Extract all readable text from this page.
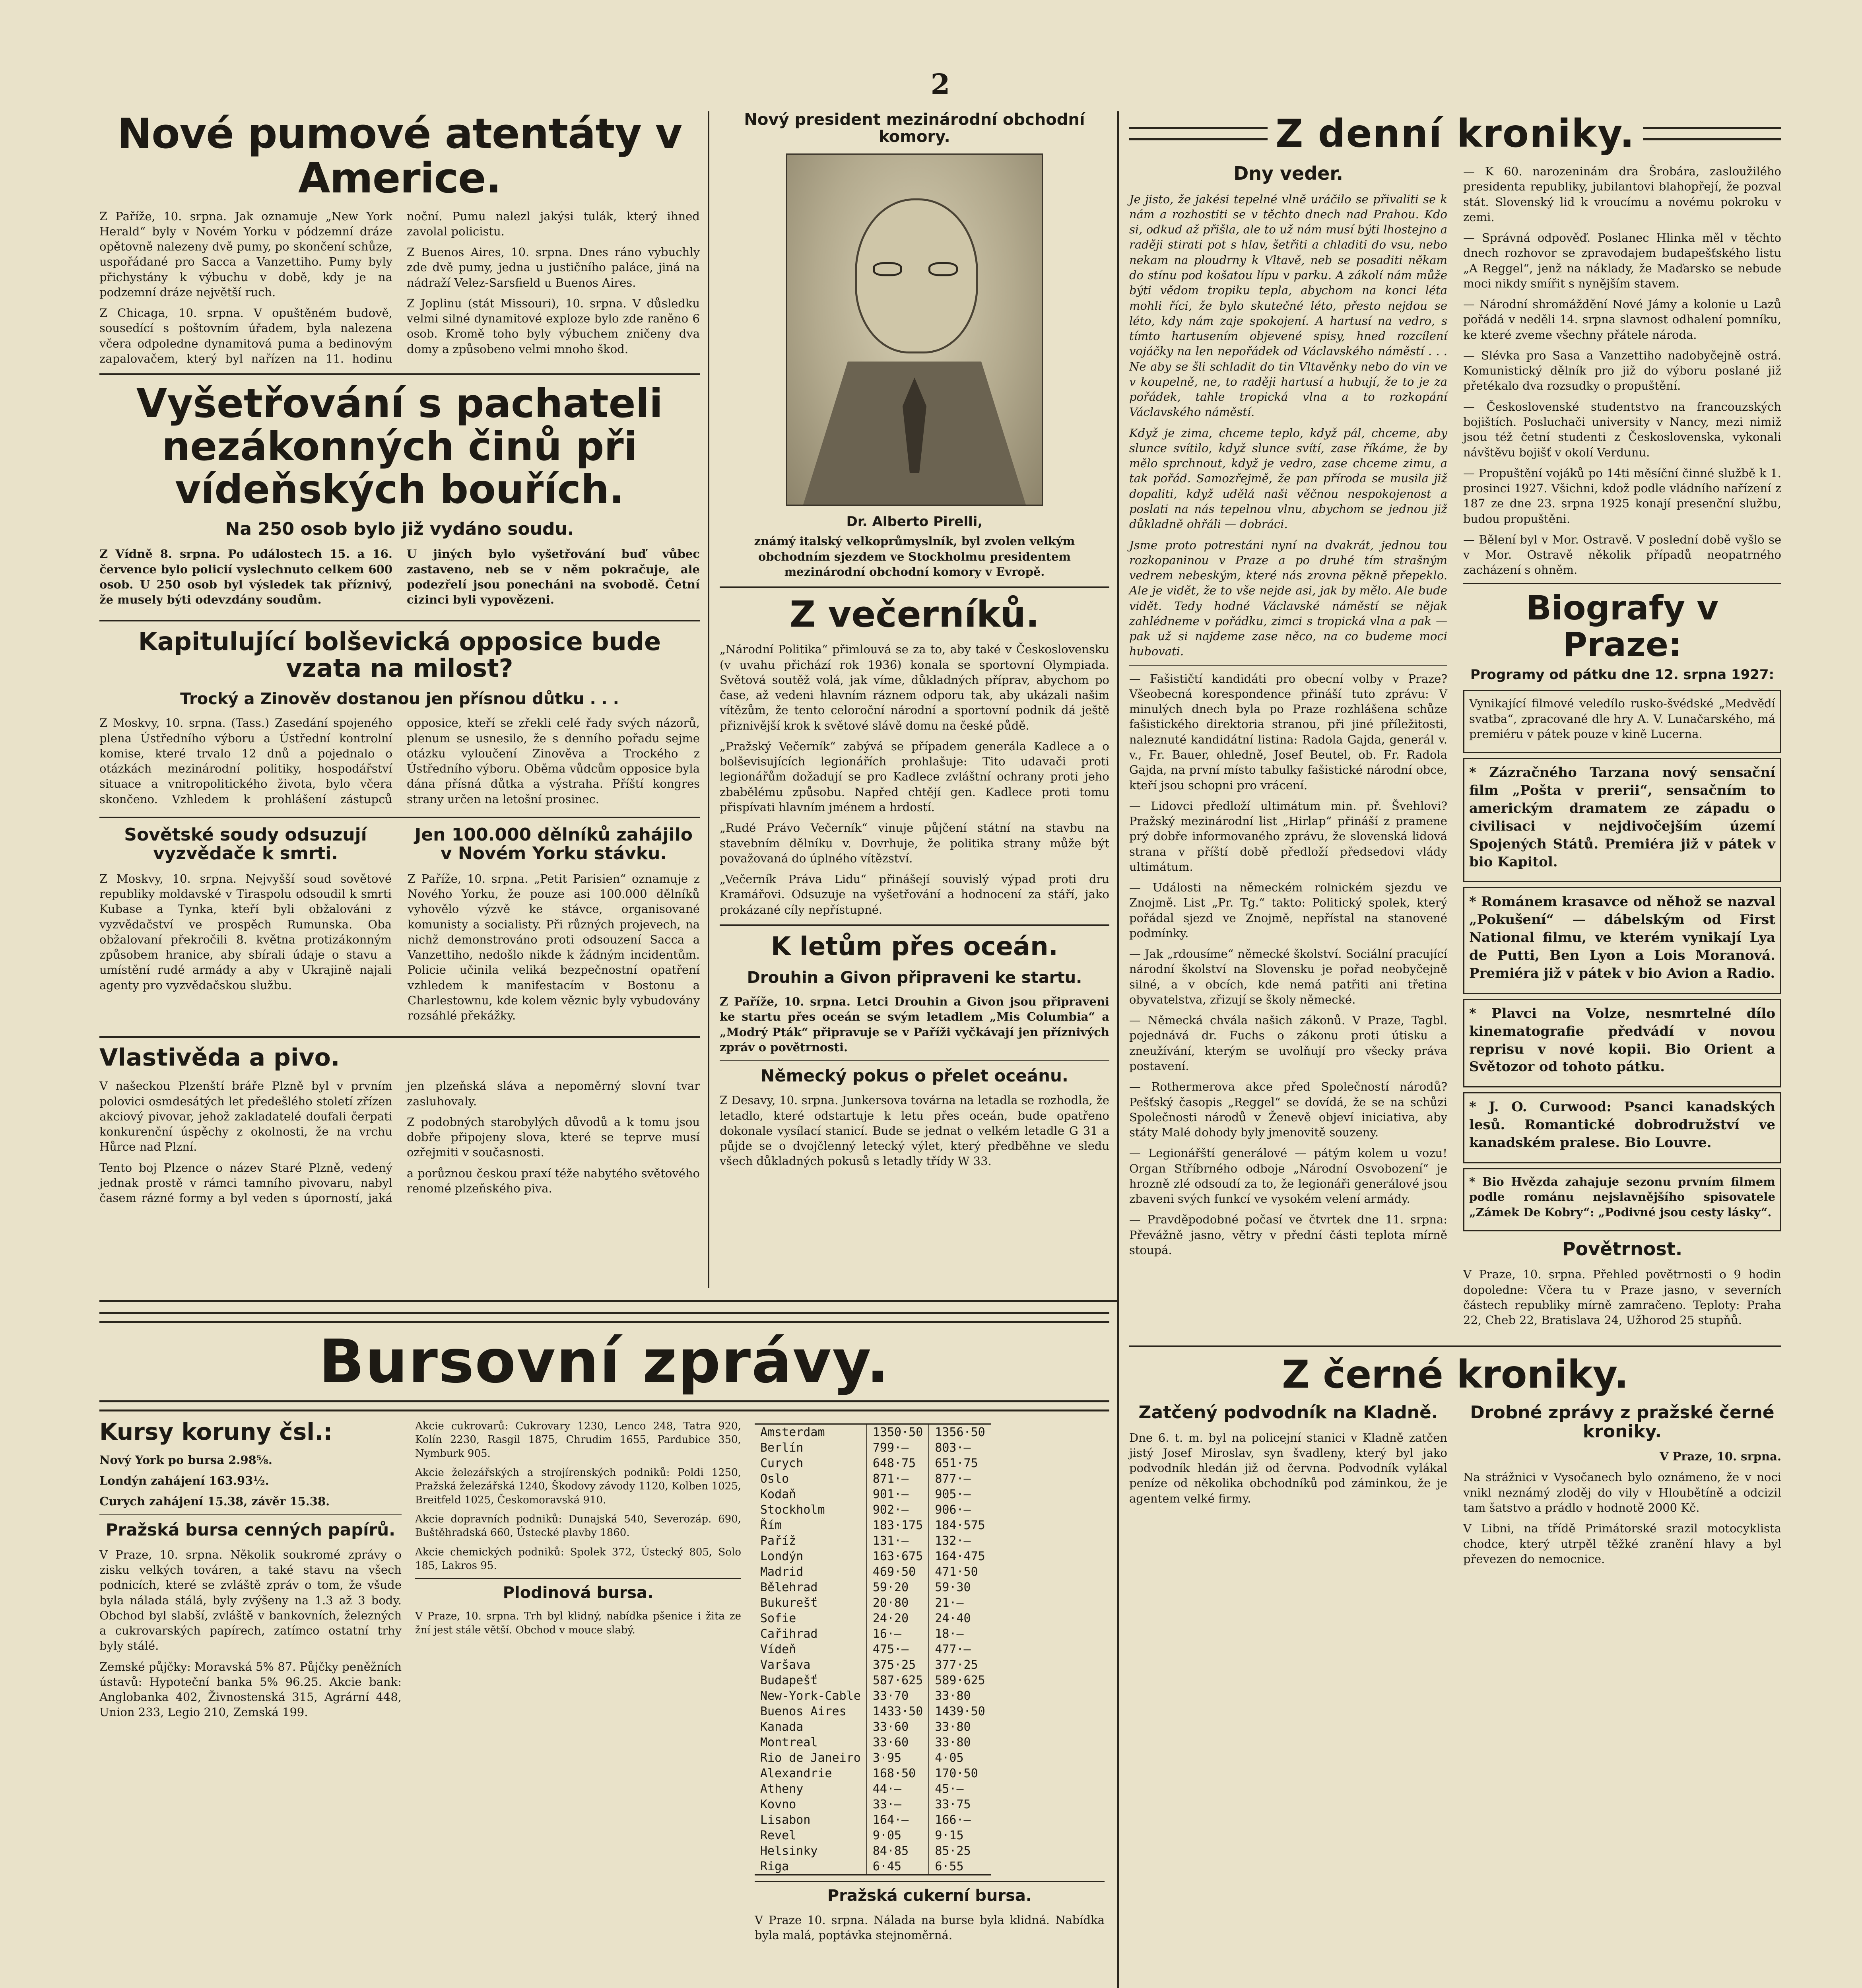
2
Nové pumové atentáty v Americe.

Z Paříže, 10. srpna. Jak oznamuje „New York Herald“ byly v Novém Yorku v pódzemní dráze opětovně nalezeny dvě pumy, po skončení schůze, uspořádané pro Sacca a Vanzettiho. Pumy byly přichystány k výbuchu v době, kdy je na podzemní dráze největší ruch.

Z Chicaga, 10. srpna. V opuštěném budově, sousedící s poštovním úřadem, byla nalezena včera odpoledne dynamitová puma a bedinovým zapalovačem, který byl nařízen na 11. hodinu noční. Pumu nalezl jakýsi tulák, který ihned zavolal policistu.

Z Buenos Aires, 10. srpna. Dnes ráno vybuchly zde dvě pumy, jedna u justičního paláce, jiná na nádraží Velez-Sarsfield u Buenos Aires.

Z Joplinu (stát Missouri), 10. srpna. V důsledku velmi silné dynamitové exploze bylo zde raněno 6 osob. Kromě toho byly výbuchem zničeny dva domy a způsobeno velmi mnoho škod.

Vyšetřování s pachateli nezákonných činů při vídeňských bouřích.
Na 250 osob bylo již vydáno soudu.

Z Vídně 8. srpna. Po událostech 15. a 16. července bylo policií vyslechnuto celkem 600 osob. U 250 osob byl výsledek tak příznivý, že musely býti odevzdány soudům.

U jiných bylo vyšetřování buď vůbec zastaveno, neb se v něm pokračuje, ale podezřelí jsou ponecháni na svobodě. Četní cizinci byli vypovězeni.

Kapitulující bolševická opposice bude vzata na milost?
Trocký a Zinověv dostanou jen přísnou důtku . . .

Z Moskvy, 10. srpna. (Tass.) Zasedání spojeného plena Ústředního výboru a Ústřední kontrolní komise, které trvalo 12 dnů a pojednalo o otázkách mezinárodní politiky, hospodářství situace a vnitropolitického života, bylo včera skončeno. Vzhledem k prohlášení zástupců opposice, kteří se zřekli celé řady svých názorů, plenum se usnesilo, že s denního pořadu sejme otázku vyloučení Zinověva a Trockého z Ústředního výboru. Oběma vůdcům opposice byla dána přísná důtka a výstraha. Příští kongres strany určen na letošní prosinec.

Sovětské soudy odsuzují vyzvědače k smrti.

Z Moskvy, 10. srpna. Nejvyšší soud sovětové republiky moldavské v Tiraspolu odsoudil k smrti Kubase a Tynka, kteří byli obžalováni z vyzvědačství ve prospěch Rumunska. Oba obžalovaní překročili 8. května protizákonným způsobem hranice, aby sbírali údaje o stavu a umístění rudé armády a aby v Ukrajině najali agenty pro vyzvědačskou službu.

Jen 100.000 dělníků zahájilo v Novém Yorku stávku.

Z Paříže, 10. srpna. „Petit Parisien“ oznamuje z Nového Yorku, že pouze asi 100.000 dělníků vyhovělo výzvě ke stávce, organisované komunisty a socialisty. Při různých projevech, na nichž demonstrováno proti odsouzení Sacca a Vanzettiho, nedošlo nikde k žádným incidentům. Policie učinila veliká bezpečnostní opatření vzhledem k manifestacím v Bostonu a Charlestownu, kde kolem věznic byly vybudovány rozsáhlé překážky.

Vlastivěda a pivo.

V našeckou Plzenští bráře Plzně byl v prvním polovici osmdesátých let předešlého století zřízen akciový pivovar, jehož zakladatelé doufali čerpati konkurenční úspěchy z okolnosti, že na vrchu Hůrce nad Plzní.

Tento boj Plzence o název Staré Plzně, vedený jednak prostě v rámci tamního pivovaru, nabyl časem rázné formy a byl veden s úporností, jaká jen plzeňská sláva a nepoměrný slovní tvar zasluhovaly.

Z podobných starobylých důvodů a k tomu jsou dobře připojeny slova, které se teprve musí ozřejmiti v současnosti.

a porůznou českou praxí téže nabytého světového renomé plzeňského piva.

Nový president mezinárodní obchodní komory.
Dr. Alberto Pirelli,

známý italský velkoprůmyslník, byl zvolen velkým obchodním sjezdem ve Stockholmu presidentem mezinárodní obchodní komory v Evropě.

Z večerníků.

„Národní Politika“ přimlouvá se za to, aby také v Československu (v uvahu přichází rok 1936) konala se sportovní Olympiada. Světová soutěž volá, jak víme, důkladných příprav, abychom po čase, až vedeni hlavním ráznem odporu tak, aby ukázali našim vítězům, že tento celoroční národní a sportovní podnik dá ještě přiznivější krok k světové slávě domu na české půdě.

„Pražský Večerník“ zabývá se případem generála Kadlece a o bolševisujících legionářích prohlašuje: Tito udavači proti legionářům dožadují se pro Kadlece zvláštní ochrany proti jeho zbabělému způsobu. Napřed chtějí gen. Kadlece proti tomu přispívati hlavním jménem a hrdostí.

„Rudé Právo Večerník“ vinuje půjčení státní na stavbu na stavebním dělníku v. Dovrhuje, že politika strany může být považovaná do úplného vítězství.

„Večerník Práva Lidu“ přinášejí souvislý výpad proti dru Kramářovi. Odsuzuje na vyšetřování a hodnocení za stáří, jako prokázané cíly nepřístupné.

K letům přes oceán.
Drouhin a Givon připraveni ke startu.

Z Paříže, 10. srpna. Letci Drouhin a Givon jsou připraveni ke startu přes oceán se svým letadlem „Mis Columbia“ a „Modrý Pták“ připravuje se v Paříži vyčkávají jen příznivých zpráv o povětrnosti.

Německý pokus o přelet oceánu.

Z Desavy, 10. srpna. Junkersova továrna na letadla se rozhodla, že letadlo, které odstartuje k letu přes oceán, bude opatřeno dokonale vysílací stanicí. Bude se jednat o velkém letadle G 31 a půjde se o dvojčlenný letecký výlet, který předběhne ve sledu všech důkladných pokusů s letadly třídy W 33.

Bursovní zprávy.
Kursy koruny čsl.:

Nový York po bursa 2.98⅝.

Londýn zahájení 163.93½.

Curych zahájení 15.38, závěr 15.38.

Pražská bursa cenných papírů.

V Praze, 10. srpna. Několik soukromé zprávy o zisku velkých továren, a také stavu na všech podnicích, které se zvláště zpráv o tom, že všude byla nálada stálá, byly zvýšeny na 1.3 až 3 body. Obchod byl slabší, zvláště v bankovních, železných a cukrovarských papírech, zatímco ostatní trhy byly stálé.

Zemské půjčky: Moravská 5% 87. Půjčky peněžních ústavů: Hypoteční banka 5% 96.25. Akcie bank: Anglobanka 402, Živnostenská 315, Agrární 448, Union 233, Legio 210, Zemská 199.

Akcie cukrovarů: Cukrovary 1230, Lenco 248, Tatra 920, Kolín 2230, Rasgil 1875, Chrudim 1655, Pardubice 350, Nymburk 905.

Akcie železářských a strojírenských podniků: Poldi 1250, Pražská železářská 1240, Škodovy závody 1120, Kolben 1025, Breitfeld 1025, Českomoravská 910.

Akcie dopravních podniků: Dunajská 540, Severozáp. 690, Buštěhradská 660, Ústecké plavby 1860.

Akcie chemických podniků: Spolek 372, Ústecký 805, Solo 185, Lakros 95.

Plodinová bursa.

V Praze, 10. srpna. Trh byl klidný, nabídka pšenice i žita ze žní jest stále větší. Obchod v mouce slabý.

Amsterdam	1350·50	1356·50
Berlín	799·—	803·—
Curych	648·75	651·75
Oslo	871·—	877·—
Kodaň	901·—	905·—
Stockholm	902·—	906·—
Řím	183·175	184·575
Paříž	131·—	132·—
Londýn	163·675	164·475
Madrid	469·50	471·50
Bělehrad	59·20	59·30
Bukurešť	20·80	21·—
Sofie	24·20	24·40
Cařihrad	16·—	18·—
Vídeň	475·—	477·—
Varšava	375·25	377·25
Budapešť	587·625	589·625
New-York-Cable	33·70	33·80
Buenos Aires	1433·50	1439·50
Kanada	33·60	33·80
Montreal	33·60	33·80
Rio de Janeiro	3·95	4·05
Alexandrie	168·50	170·50
Atheny	44·—	45·—
Kovno	33·—	33·75
Lisabon	164·—	166·—
Revel	9·05	9·15
Helsinky	84·85	85·25
Riga	6·45	6·55
Pražská cukerní bursa.

V Praze 10. srpna. Nálada na burse byla klidná. Nabídka byla malá, poptávka stejnoměrná.

Z denní kroniky.
Dny veder.

Je jisto, že jakési tepelné vlně uráčilo se přivaliti se k nám a rozhostiti se v těchto dnech nad Prahou. Kdo si, odkud až přišla, ale to už nám musí býti lhostejno a raději stirati pot s hlav, šetřiti a chladiti do vsu, nebo nekam na ploudrny k Vltavě, neb se posaditi někam do stínu pod košatou lípu v parku. A zákolí nám může býti vědom tropiku tepla, abychom na konci léta mohli říci, že bylo skutečné léto, přesto nejdou se léto, kdy nám zaje spokojení. A hartusí na vedro, s tímto hartusením objevené spisy, hned rozcílení vojáčky na len nepořádek od Václavského náměstí . . . Ne aby se šli schladit do tin Vltavěnky nebo do vin ve v koupelně, ne, to raději hartusí a hubují, že to je za pořádek, tahle tropická vlna a to rozkopání Václavského náměstí.

Když je zima, chceme teplo, když pál, chceme, aby slunce svítilo, když slunce svítí, zase říkáme, že by mělo sprchnout, když je vedro, zase chceme zimu, a tak pořád. Samozřejmě, že pan příroda se musila již dopaliti, když udělá naši věčnou nespokojenost a poslati na nás tepelnou vlnu, abychom se jednou již důkladně ohřáli — dobráci.

Jsme proto potrestáni nyní na dvakrát, jednou tou rozkopaninou v Praze a po druhé tím strašným vedrem nebeským, které nás zrovna pěkně přepeklo. Ale je vidět, že to vše nejde asi, jak by mělo. Ale bude vidět. Tedy hodné Václavské náměstí se nějak zahlédneme v pořádku, zimci s tropická vlna a pak — pak už si najdeme zase něco, na co budeme moci hubovati.

— Fašističtí kandidáti pro obecní volby v Praze? Všeobecná korespondence přináší tuto zprávu: V minulých dnech byla po Praze rozhlášena schůze fašistického direktoria stranou, při jiné příležitosti, naleznuté kandidátní listina: Radola Gajda, generál v. v., Fr. Bauer, ohledně, Josef Beutel, ob. Fr. Radola Gajda, na první místo tabulky fašistické národní obce, kteří jsou schopni pro vrácení.

— Lidovci předloží ultimátum min. př. Švehlovi? Pražský mezinárodní list „Hirlap“ přináší z pramene prý dobře informovaného zprávu, že slovenská lidová strana v příští době předloží předsedovi vlády ultimátum.

— Události na německém rolnickém sjezdu ve Znojmě. List „Pr. Tg.“ takto: Politický spolek, který pořádal sjezd ve Znojmě, nepřístal na stanovené podmínky.

— Jak „rdousíme“ německé školství. Sociální pracující národní školství na Slovensku je pořad neobyčejně silné, a v obcích, kde nemá patřiti ani třetina obyvatelstva, zřizují se školy německé.

— Německá chvála našich zákonů. V Praze, Tagbl. pojednává dr. Fuchs o zákonu proti útisku a zneužívání, kterým se uvolňují pro všecky práva postavení.

— Rothermerova akce před Společností národů? Pešťský časopis „Reggel“ se dovídá, že se na schůzi Společnosti národů v Ženevě objeví iniciativa, aby státy Malé dohody byly jmenovitě souzeny.

— Legionářští generálové — pátým kolem u vozu! Organ Stříbrného odboje „Národní Osvobození“ je hrozně zlé odsoudí za to, že legionáři generálové jsou zbaveni svých funkcí ve vysokém velení armády.

— Pravděpodobné počasí ve čtvrtek dne 11. srpna: Převážně jasno, větry v přední části teplota mírně stoupá.

— K 60. narozeninám dra Šrobára, zasloužilého presidenta republiky, jubilantovi blahopřejí, že pozval stát. Slovenský lid k vroucímu a novému pokroku v zemi.

— Správná odpověď. Poslanec Hlinka měl v těchto dnech rozhovor se zpravodajem budapešťského listu „A Reggel“, jenž na náklady, že Maďarsko se nebude moci nikdy smířit s nynějším stavem.

— Národní shromáždění Nové Jámy a kolonie u Lazů pořádá v neděli 14. srpna slavnost odhalení pomníku, ke které zveme všechny přátele národa.

— Slévka pro Sasa a Vanzettiho nadobyčejně ostrá. Komunistický dělník pro již do výboru poslané již přetékalo dva rozsudky o propuštění.

— Československé studentstvo na francouzských bojištích. Posluchači university v Nancy, mezi nimiž jsou též četní studenti z Československa, vykonali návštěvu bojišť v okolí Verdunu.

— Propuštění vojáků po 14ti měsíční činné službě k 1. prosinci 1927. Všichni, kdož podle vládního nařízení z 187 ze dne 23. srpna 1925 konají presenční službu, budou propuštěni.

— Bělení byl v Mor. Ostravě. V poslední době vyšlo se v Mor. Ostravě několik případů neopatrného zacházení s ohněm.

Biografy v Praze:
Programy od pátku dne 12. srpna 1927:

Vynikající filmové veledílo rusko-švédské „Medvědí svatba“, zpracované dle hry A. V. Lunačarského, má premiéru v pátek pouze v kině Lucerna.

* Zázračného Tarzana nový sensační film „Pošta v prerii“, sensačním to americkým dramatem ze západu o civilisaci v nejdivočejším území Spojených Států. Premiéra již v pátek v bio Kapitol.

* Románem krasavce od něhož se nazval „Pokušení“ — dábelským od First National filmu, ve kterém vynikají Lya de Putti, Ben Lyon a Lois Moranová. Premiéra již v pátek v bio Avion a Radio.

* Plavci na Volze, nesmrtelné dílo kinematografie předvádí v novou reprisu v nové kopii. Bio Orient a Světozor od tohoto pátku.

* J. O. Curwood: Psanci kanadských lesů. Romantické dobrodružství ve kanadském pralese. Bio Louvre.

* Bio Hvězda zahajuje sezonu prvním filmem podle románu nejslavnějšího spisovatele „Zámek De Kobry“: „Podivné jsou cesty lásky“.

Povětrnost.

V Praze, 10. srpna. Přehled povětrnosti o 9 hodin dopoledne: Včera tu v Praze jasno, v severních částech republiky mírně zamračeno. Teploty: Praha 22, Cheb 22, Bratislava 24, Užhorod 25 stupňů.

Z černé kroniky.
Zatčený podvodník na Kladně.

Dne 6. t. m. byl na policejní stanici v Kladně zatčen jistý Josef Miroslav, syn švadleny, který byl jako podvodník hledán již od června. Podvodník vylákal peníze od několika obchodníků pod záminkou, že je agentem velké firmy.

Drobné zprávy z pražské černé kroniky.

V Praze, 10. srpna.

Na strážnici v Vysočanech bylo oznámeno, že v noci vnikl neznámý zloděj do vily v Hloubětíně a odcizil tam šatstvo a prádlo v hodnotě 2000 Kč.

V Libni, na třídě Primátorské srazil motocyklista chodce, který utrpěl těžké zranění hlavy a byl převezen do nemocnice.
